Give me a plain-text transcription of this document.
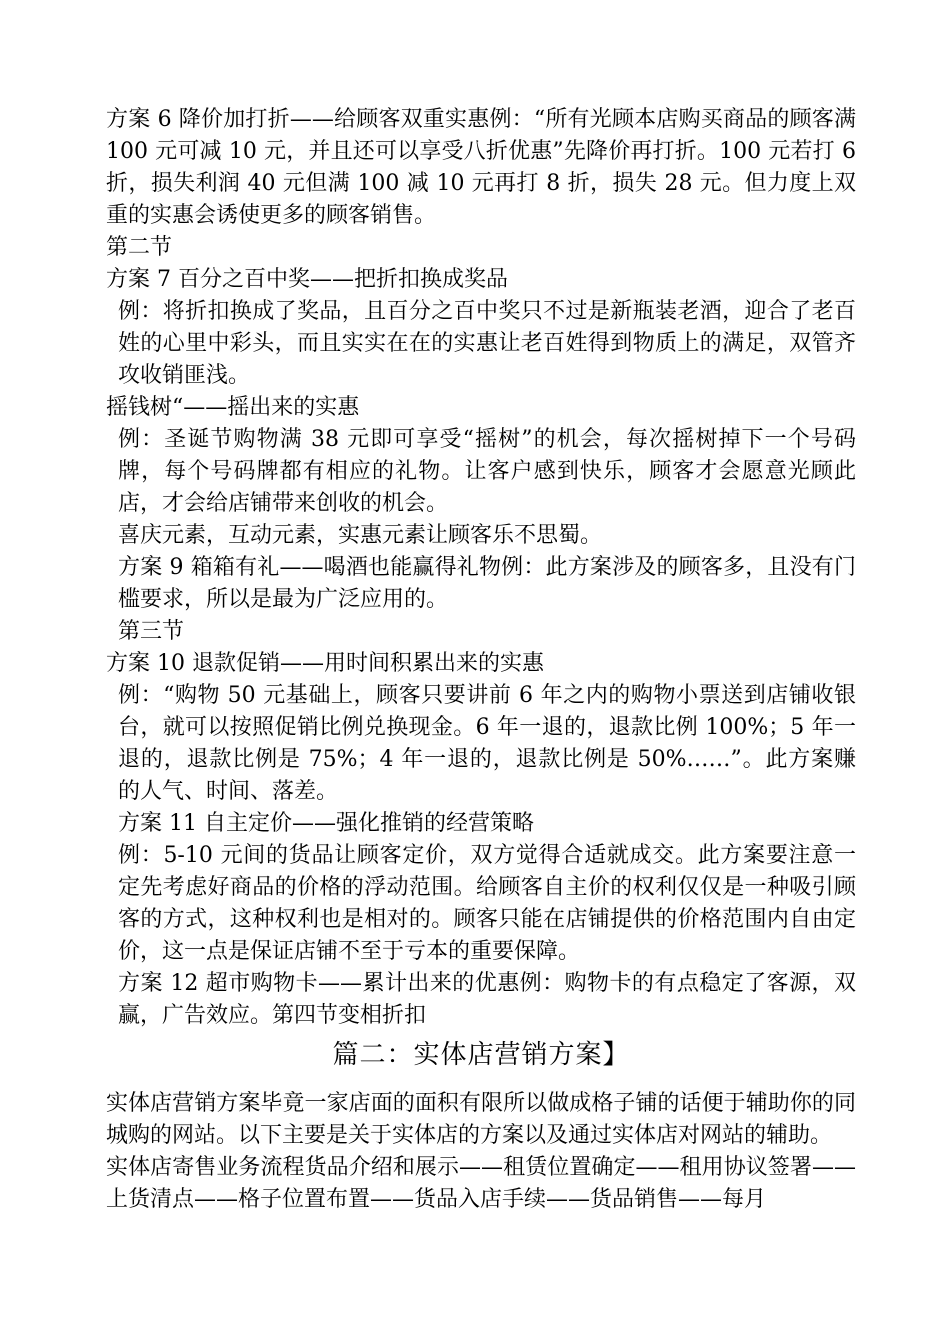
方案 6 降价加打折——给顾客双重实惠例：“所有光顾本店购买商品的顾客满 100 元可减 10 元，并且还可以享受八折优惠”先降价再打折。100 元若打 6 折，损失利润 40 元但满 100 减 10 元再打 8 折，损失 28 元。但力度上双重的实惠会诱使更多的顾客销售。

第二节

方案 7 百分之百中奖——把折扣换成奖品

例：将折扣换成了奖品，且百分之百中奖只不过是新瓶装老酒，迎合了老百姓的心里中彩头，而且实实在在的实惠让老百姓得到物质上的满足，双管齐攻收销匪浅。

摇钱树“——摇出来的实惠

例：圣诞节购物满 38 元即可享受“摇树”的机会，每次摇树掉下一个号码牌，每个号码牌都有相应的礼物。让客户感到快乐，顾客才会愿意光顾此店，才会给店铺带来创收的机会。

喜庆元素，互动元素，实惠元素让顾客乐不思蜀。

方案 9 箱箱有礼——喝酒也能赢得礼物例：此方案涉及的顾客多，且没有门槛要求，所以是最为广泛应用的。

第三节

方案 10 退款促销——用时间积累出来的实惠

例：“购物 50 元基础上，顾客只要讲前 6 年之内的购物小票送到店铺收银台，就可以按照促销比例兑换现金。6 年一退的，退款比例 100%；5 年一退的，退款比例是 75%；4 年一退的，退款比例是 50%……”。此方案赚的人气、时间、落差。

方案 11 自主定价——强化推销的经营策略

例：5-10 元间的货品让顾客定价，双方觉得合适就成交。此方案要注意一定先考虑好商品的价格的浮动范围。给顾客自主价的权利仅仅是一种吸引顾客的方式，这种权利也是相对的。顾客只能在店铺提供的价格范围内自由定价，这一点是保证店铺不至于亏本的重要保障。

方案 12 超市购物卡——累计出来的优惠例：购物卡的有点稳定了客源，双赢，广告效应。第四节变相折扣

篇二：实体店营销方案】

实体店营销方案毕竟一家店面的面积有限所以做成格子铺的话便于辅助你的同城购的网站。以下主要是关于实体店的方案以及通过实体店对网站的辅助。

实体店寄售业务流程货品介绍和展示——租赁位置确定——租用协议签署——上货清点——格子位置布置——货品入店手续——货品销售——每月
